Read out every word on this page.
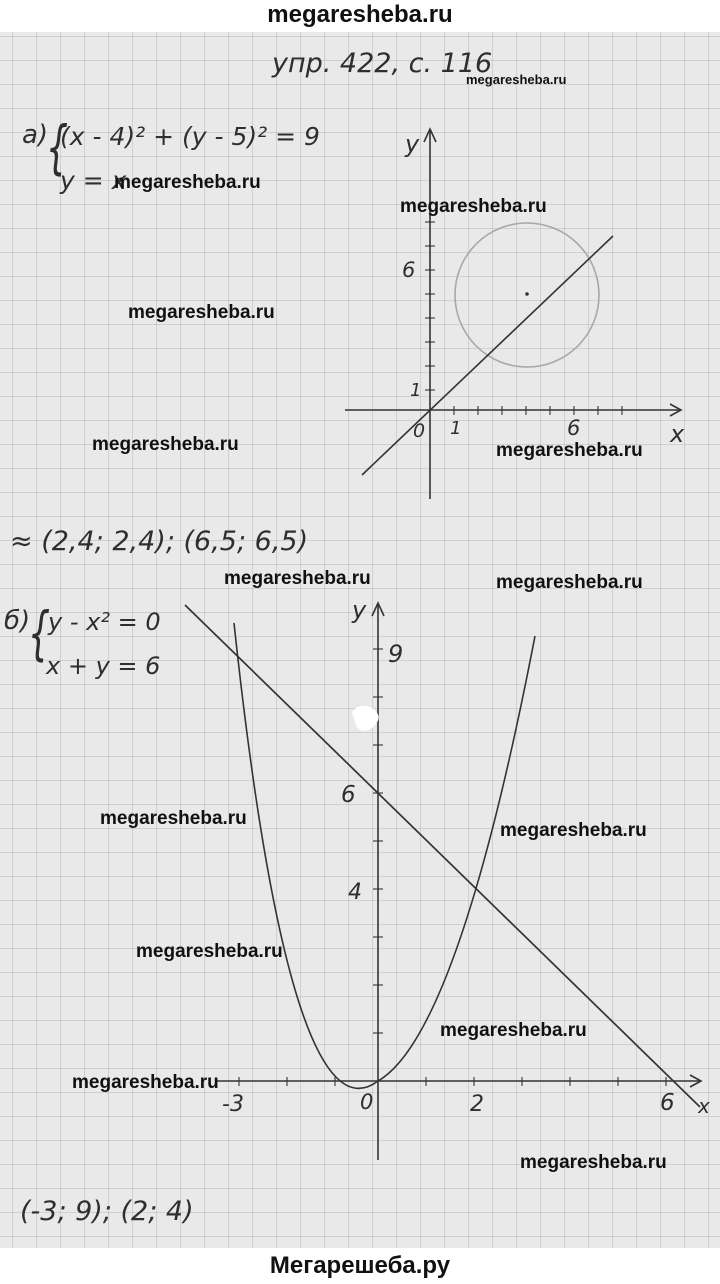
megaresheba.ru
упр. 422, с. 116
а)
{
(x - 4)² + (y - 5)² = 9
y = x
y
x
0 1	6
1
6
≈ (2,4; 2,4); (6,5; 6,5)
б)
{
y - x² = 0
x + y = 6
y
x
0
-3	2	6
4
6
9
(-3; 9); (2; 4)
megaresheba.ru
megaresheba.ru
megaresheba.ru
megaresheba.ru
megaresheba.ru	megaresheba.ru
megaresheba.ru	megaresheba.ru
megaresheba.ru
megaresheba.ru
megaresheba.ru
megaresheba.ru
megaresheba.ru
megaresheba.ru
Мегарешеба.ру
